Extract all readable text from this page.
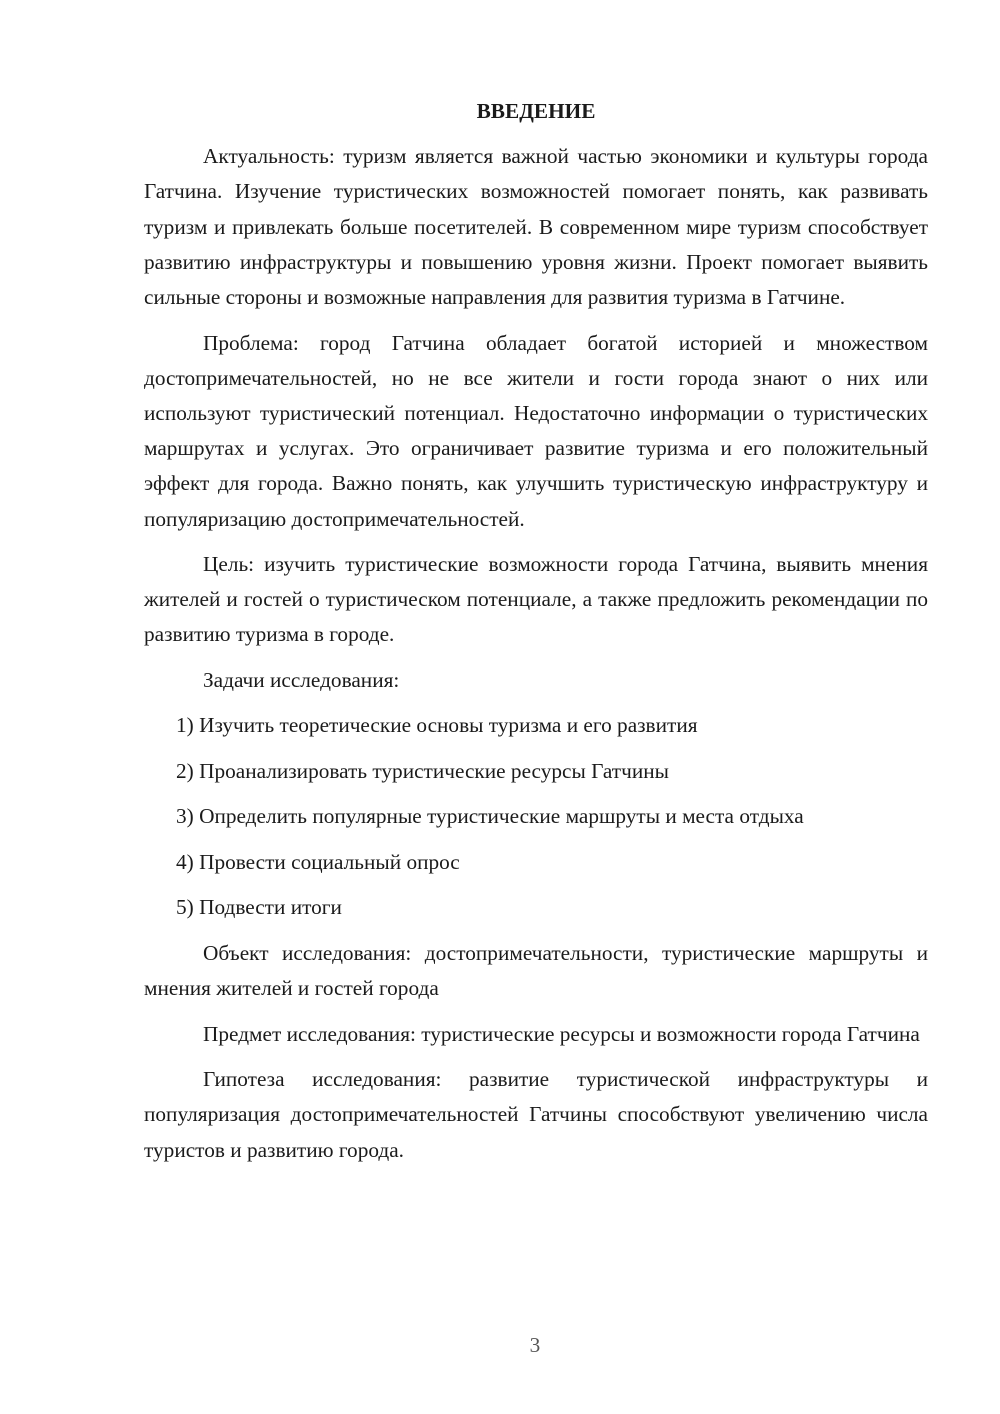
ВВЕДЕНИЕ

Актуальность: туризм является важной частью экономики и культуры города Гатчина. Изучение туристических возможностей помогает понять, как развивать туризм и привлекать больше посетителей. В современном мире туризм способствует развитию инфраструктуры и повышению уровня жизни. Проект помогает выявить сильные стороны и возможные направления для развития туризма в Гатчине.

Проблема: город Гатчина обладает богатой историей и множеством достопримечательностей, но не все жители и гости города знают о них или используют туристический потенциал. Недостаточно информации о туристических маршрутах и услугах. Это ограничивает развитие туризма и его положительный эффект для города. Важно понять, как улучшить туристическую инфраструктуру и популяризацию достопримечательностей.

Цель: изучить туристические возможности города Гатчина, выявить мнения жителей и гостей о туристическом потенциале, а также предложить рекомендации по развитию туризма в городе.

Задачи исследования:

1) Изучить теоретические основы туризма и его развития

2) Проанализировать туристические ресурсы Гатчины

3) Определить популярные туристические маршруты и места отдыха

4) Провести социальный опрос

5) Подвести итоги

Объект исследования: достопримечательности, туристические маршруты и мнения жителей и гостей города

Предмет исследования: туристические ресурсы и возможности города Гатчина

Гипотеза исследования: развитие туристической инфраструктуры и популяризация достопримечательностей Гатчины способствуют увеличению числа туристов и развитию города.

3
